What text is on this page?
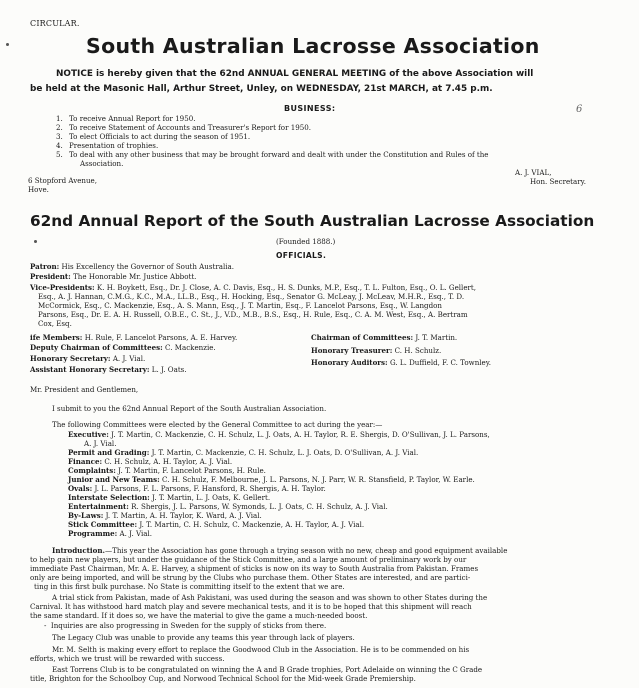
CIRCULAR.
South Australian Lacrosse Association
NOTICE is hereby given that the 62nd ANNUAL GENERAL MEETING of the above Association will
be held at the Masonic Hall, Arthur Street, Unley, on WEDNESDAY, 21st MARCH, at 7.45 p.m.
6
BUSINESS:
1. To receive Annual Report for 1950.
2. To receive Statement of Accounts and Treasurer's Report for 1950.
3. To elect Officials to act during the season of 1951.
4. Presentation of trophies.
5. To deal with any other business that may be brought forward and dealt with under the Constitution and Rules of the
Association.
A. J. VIAL,
6 Stopford Avenue,	Hon. Secretary.
Hove.
62nd Annual Report of the South Australian Lacrosse Association
(Founded 1888.)
OFFICIALS.
Patron: His Excellency the Governor of South Australia.
President: The Honorable Mr. Justice Abbott.
Vice-Presidents: K. H. Boykett, Esq., Dr. J. Close, A. C. Davis, Esq., H. S. Dunks, M.P., Esq., T. L. Fulton, Esq., O. L. Gellert,
Esq., A. J. Hannan, C.M.G., K.C., M.A., LL.B., Esq., H. Hocking, Esq., Senator G. McLeay, J. McLeav, M.H.R., Esq., T. D.
McCormick, Esq., C. Mackenzie, Esq., A. S. Mann, Esq., J. T. Martin, Esq., F. Lancelot Parsons, Esq., W. Langdon
Parsons, Esq., Dr. E. A. H. Russell, O.B.E., C. St., J., V.D., M.B., B.S., Esq., H. Rule, Esq., C. A. M. West, Esq., A. Bertram
Cox, Esq.
ife Members: H. Rule, F. Lancelot Parsons, A. E. Harvey.
Deputy Chairman of Committees: C. Mackenzie.
Honorary Secretary: A. J. Vial.
Assistant Honorary Secretary: L. J. Oats.
Chairman of Committees: J. T. Martin.
Honorary Treasurer: C. H. Schulz.
Honorary Auditors: G. L. Duffield, F. C. Townley.
Mr. President and Gentlemen,
I submit to you the 62nd Annual Report of the South Australian Association.
The following Committees were elected by the General Committee to act during the year:—
Executive: J. T. Martin, C. Mackenzie, C. H. Schulz, L. J. Oats, A. H. Taylor, R. E. Shergis, D. O'Sullivan, J. L. Parsons,
A. J. Vial.
Permit and Grading: J. T. Martin, C. Mackenzie, C. H. Schulz, L. J. Oats, D. O'Sullivan, A. J. Vial.
Finance: C. H. Schulz, A. H. Taylor, A. J. Vial.
Complaints: J. T. Martin, F. Lancelot Parsons, H. Rule.
Junior and New Teams: C. H. Schulz, F. Melbourne, J. L. Parsons, N. J. Parr, W. R. Stansfield, P. Taylor, W. Earle.
Ovals: J. L. Parsons, F. L. Parsons, F. Hansford, R. Shergis, A. H. Taylor.
Interstate Selection: J. T. Martin, L. J. Oats, K. Gellert.
Entertainment: R. Shergis, J. L. Parsons, W. Symonds, L. J. Oats, C. H. Schulz, A. J. Vial.
By-Laws: J. T. Martin, A. H. Taylor, K. Ward, A. J. Vial.
Stick Committee: J. T. Martin, C. H. Schulz, C. Mackenzie, A. H. Taylor, A. J. Vial.
Programme: A. J. Vial.
Introduction.—This year the Association has gone through a trying season with no new, cheap and good equipment available
to help gain new players, but under the guidance of the Stick Committee, and a large amount of preliminary work by our
immediate Past Chairman, Mr. A. E. Harvey, a shipment of sticks is now on its way to South Australia from Pakistan. Frames
only are being imported, and will be strung by the Clubs who purchase them. Other States are interested, and are partici-
ting in this first bulk purchase. No State is committing itself to the extent that we are.
A trial stick from Pakistan, made of Ash Pakistani, was used during the season and was shown to other States during the
Carnival. It has withstood hard match play and severe mechanical tests, and it is to be hoped that this shipment will reach
the same standard. If it does so, we have the material to give the game a much-needed boost.
-  Inquiries are also progressing in Sweden for the supply of sticks from there.
The Legacy Club was unable to provide any teams this year through lack of players.
Mr. M. Selth is making every effort to replace the Goodwood Club in the Association. He is to be commended on his
efforts, which we trust will be rewarded with success.
East Torrens Club is to be congratulated on winning the A and B Grade trophies, Port Adelaide on winning the C Grade
title, Brighton for the Schoolboy Cup, and Norwood Technical School for the Mid-week Grade Premiership.
